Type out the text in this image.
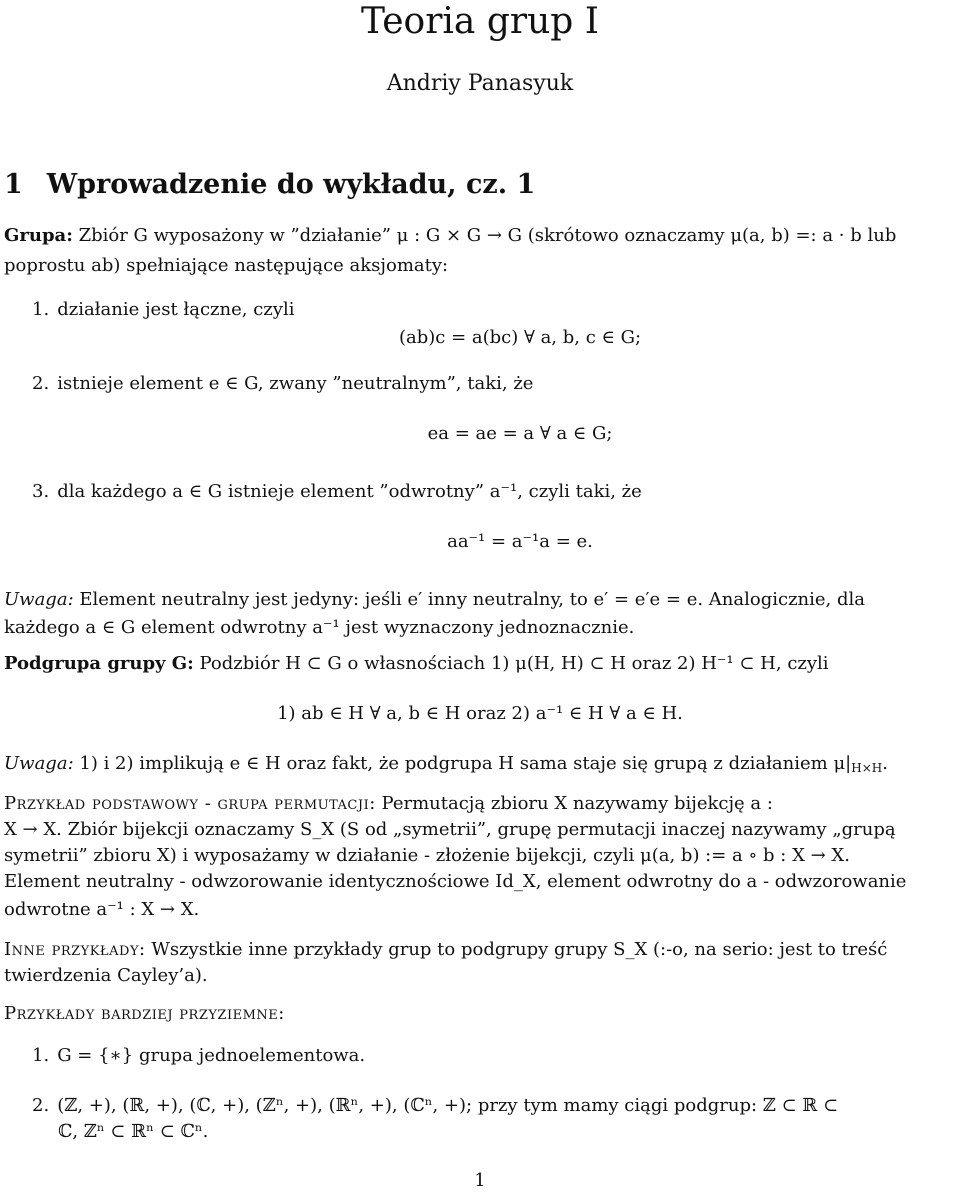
Teoria grup I
Andriy Panasyuk
1 Wprowadzenie do wykładu, cz. 1
Grupa: Zbiór G wyposażony w ”działanie” μ : G × G → G (skrótowo oznaczamy μ(a, b) =: a · b lub
poprostu ab) spełniające następujące aksjomaty:
1. działanie jest łączne, czyli
(ab)c = a(bc) ∀ a, b, c ∈ G;
2. istnieje element e ∈ G, zwany ”neutralnym”, taki, że
ea = ae = a ∀ a ∈ G;
3. dla każdego a ∈ G istnieje element ”odwrotny” a⁻¹, czyli taki, że
aa⁻¹ = a⁻¹a = e.
Uwaga: Element neutralny jest jedyny: jeśli e′ inny neutralny, to e′ = e′e = e. Analogicznie, dla
każdego a ∈ G element odwrotny a⁻¹ jest wyznaczony jednoznacznie.
Podgrupa grupy G: Podzbiór H ⊂ G o własnościach 1) μ(H, H) ⊂ H oraz 2) H⁻¹ ⊂ H, czyli
1) ab ∈ H ∀ a, b ∈ H oraz 2) a⁻¹ ∈ H ∀ a ∈ H.
Uwaga: 1) i 2) implikują e ∈ H oraz fakt, że podgrupa H sama staje się grupą z działaniem $\mu|_{H\times H}$.
Przykład podstawowy - grupa permutacji: Permutacją zbioru X nazywamy bijekcję a :
X → X. Zbiór bijekcji oznaczamy S_X (S od „symetrii”, grupę permutacji inaczej nazywamy „grupą
symetrii” zbioru X) i wyposażamy w działanie - złożenie bijekcji, czyli μ(a, b) := a ∘ b : X → X.
Element neutralny - odwzorowanie identycznościowe Id_X, element odwrotny do a - odwzorowanie
odwrotne a⁻¹ : X → X.
Inne przykłady: Wszystkie inne przykłady grup to podgrupy grupy S_X (:-o, na serio: jest to treść
twierdzenia Cayley’a).
Przykłady bardziej przyziemne:
1. G = {∗} grupa jednoelementowa.
2. (ℤ, +), (ℝ, +), (ℂ, +), (ℤⁿ, +), (ℝⁿ, +), (ℂⁿ, +); przy tym mamy ciągi podgrup: ℤ ⊂ ℝ ⊂
ℂ, ℤⁿ ⊂ ℝⁿ ⊂ ℂⁿ.
1
